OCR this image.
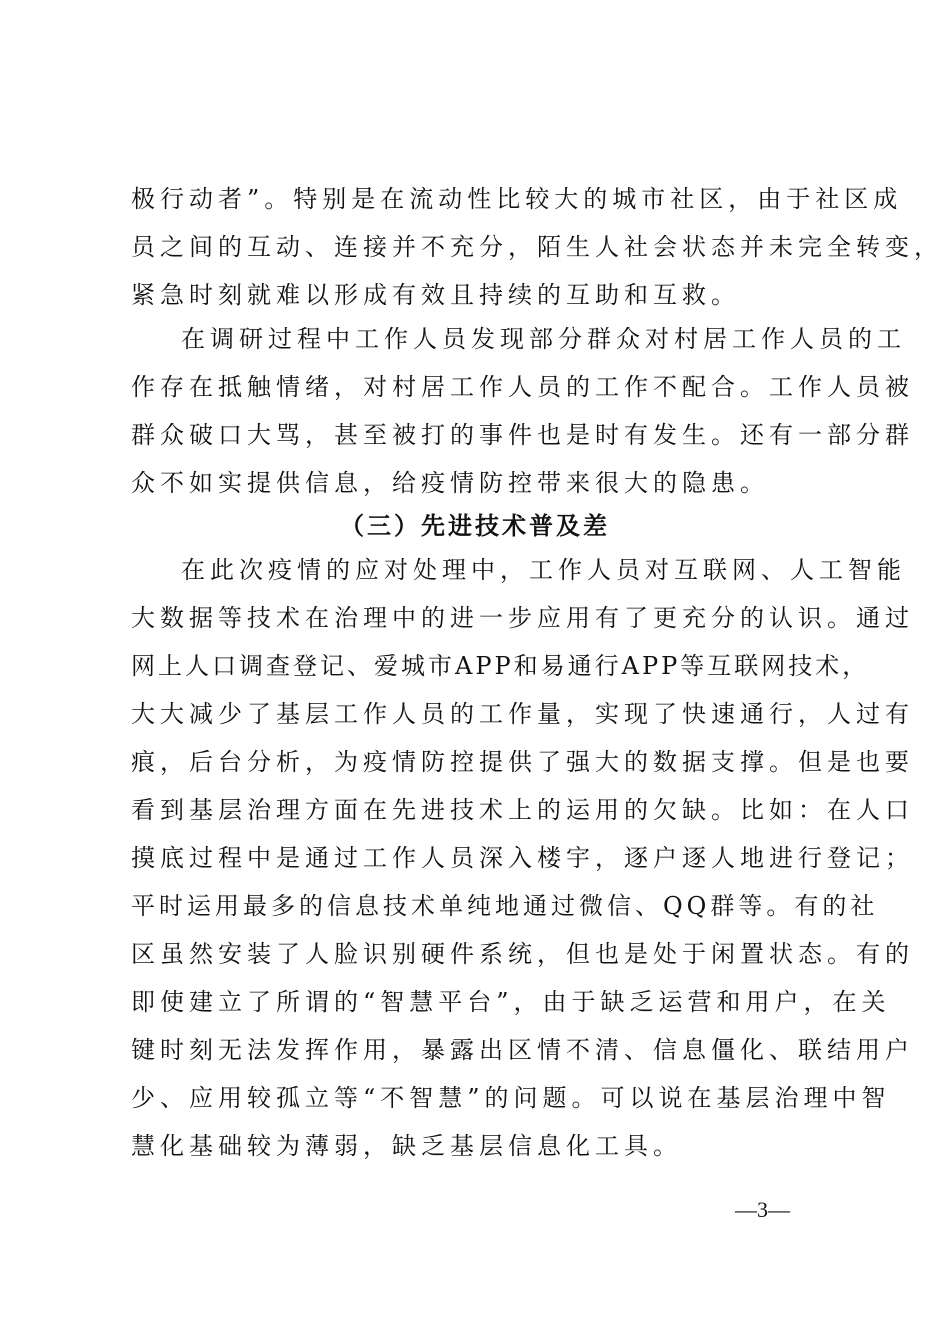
极行动者”。特别是在流动性比较大的城市社区，由于社区成
员之间的互动、连接并不充分，陌生人社会状态并未完全转变，
紧急时刻就难以形成有效且持续的互助和互救。
在调研过程中工作人员发现部分群众对村居工作人员的工
作存在抵触情绪，对村居工作人员的工作不配合。工作人员被
群众破口大骂，甚至被打的事件也是时有发生。还有一部分群
众不如实提供信息，给疫情防控带来很大的隐患。
（三）先进技术普及差
在此次疫情的应对处理中，工作人员对互联网、人工智能
大数据等技术在治理中的进一步应用有了更充分的认识。通过
网上人口调查登记、爱城市APP和易通行APP等互联网技术，
大大减少了基层工作人员的工作量，实现了快速通行，人过有
痕，后台分析，为疫情防控提供了强大的数据支撑。但是也要
看到基层治理方面在先进技术上的运用的欠缺。比如：在人口
摸底过程中是通过工作人员深入楼宇，逐户逐人地进行登记；
平时运用最多的信息技术单纯地通过微信、QQ群等。有的社
区虽然安装了人脸识别硬件系统，但也是处于闲置状态。有的
即使建立了所谓的“智慧平台”，由于缺乏运营和用户，在关
键时刻无法发挥作用，暴露出区情不清、信息僵化、联结用户
少、应用较孤立等“不智慧”的问题。可以说在基层治理中智
慧化基础较为薄弱，缺乏基层信息化工具。
—3—
